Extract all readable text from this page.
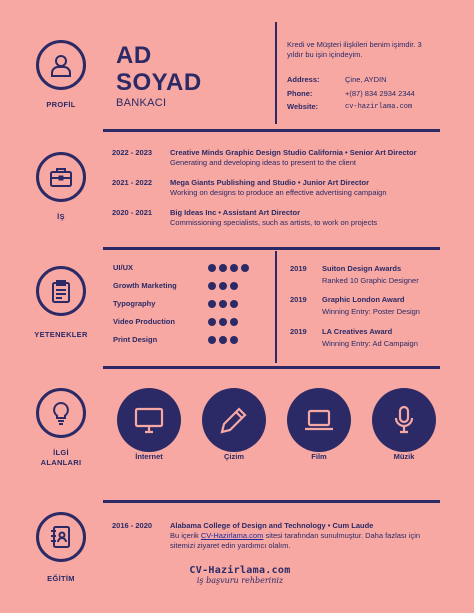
PROFİL
AD
SOYAD
BANKACI
Kredi ve Müşteri ilişkileri benim işimdir. 3 yıldır bu işin içindeyim.
Address:	Çine, AYDIN
Phone:	+(87) 834 2934 2344
Website:	cv-hazirlama.com
İŞ
2022 - 2023 Creative Minds Graphic Design Studio California • Senior Art Director
Generating and developing ideas to present to the client
2021 - 2022 Mega Giants Publishing and Studio • Junior Art Director
Working on designs to produce an effective advertising campaign
2020 - 2021 Big Ideas Inc • Assistant Art Director
Commissioning specialists, such as artists, to work on projects
YETENEKLER
UI/UX
Growth Marketing
Typography
Video Production
Print Design
2019 Suiton Design Awards
Ranked 10 Graphic Designer
2019 Graphic London Award
Winning Entry: Poster Design
2019 LA Creatives Award
Winning Entry: Ad Campaign
İLGİ
ALANLARI
İnternet	Çizim	Film	Müzik
EĞİTİM
2016 - 2020 Alabama College of Design and Technology • Cum Laude
Bu içerik CV-Hazirlama.com sitesi tarafından sunulmuştur. Daha fazlası için sitemizi ziyaret edin yardımcı olalım.
CV-Hazirlama.com
iş başvuru rehberiniz
